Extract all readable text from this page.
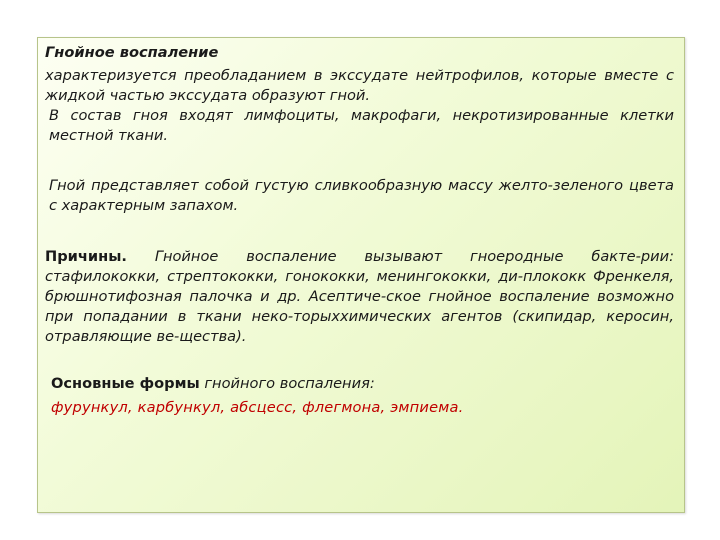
Гнойное воспаление

характеризуется преобладанием в экссудате нейтрофилов, которые вместе с жидкой частью экссудата образуют гной.

В состав гноя входят лимфоциты, макрофаги, некротизированные клетки местной ткани.

Гной представляет собой густую сливкообразную массу желто-зеленого цвета с характерным запахом.

Причины. Гнойное воспаление вызывают гноеродные бакте-рии: стафилококки, стрептококки, гонококки, менингококки, ди-плококк Френкеля, брюшнотифозная палочка и др. Асептиче-ское гнойное воспаление возможно при попадании в ткани неко-торыххимических агентов (скипидар, керосин, отравляющие ве-щества).

Основные формы гнойного воспаления:

фурункул, карбункул, абсцесс, флегмона, эмпиема.
